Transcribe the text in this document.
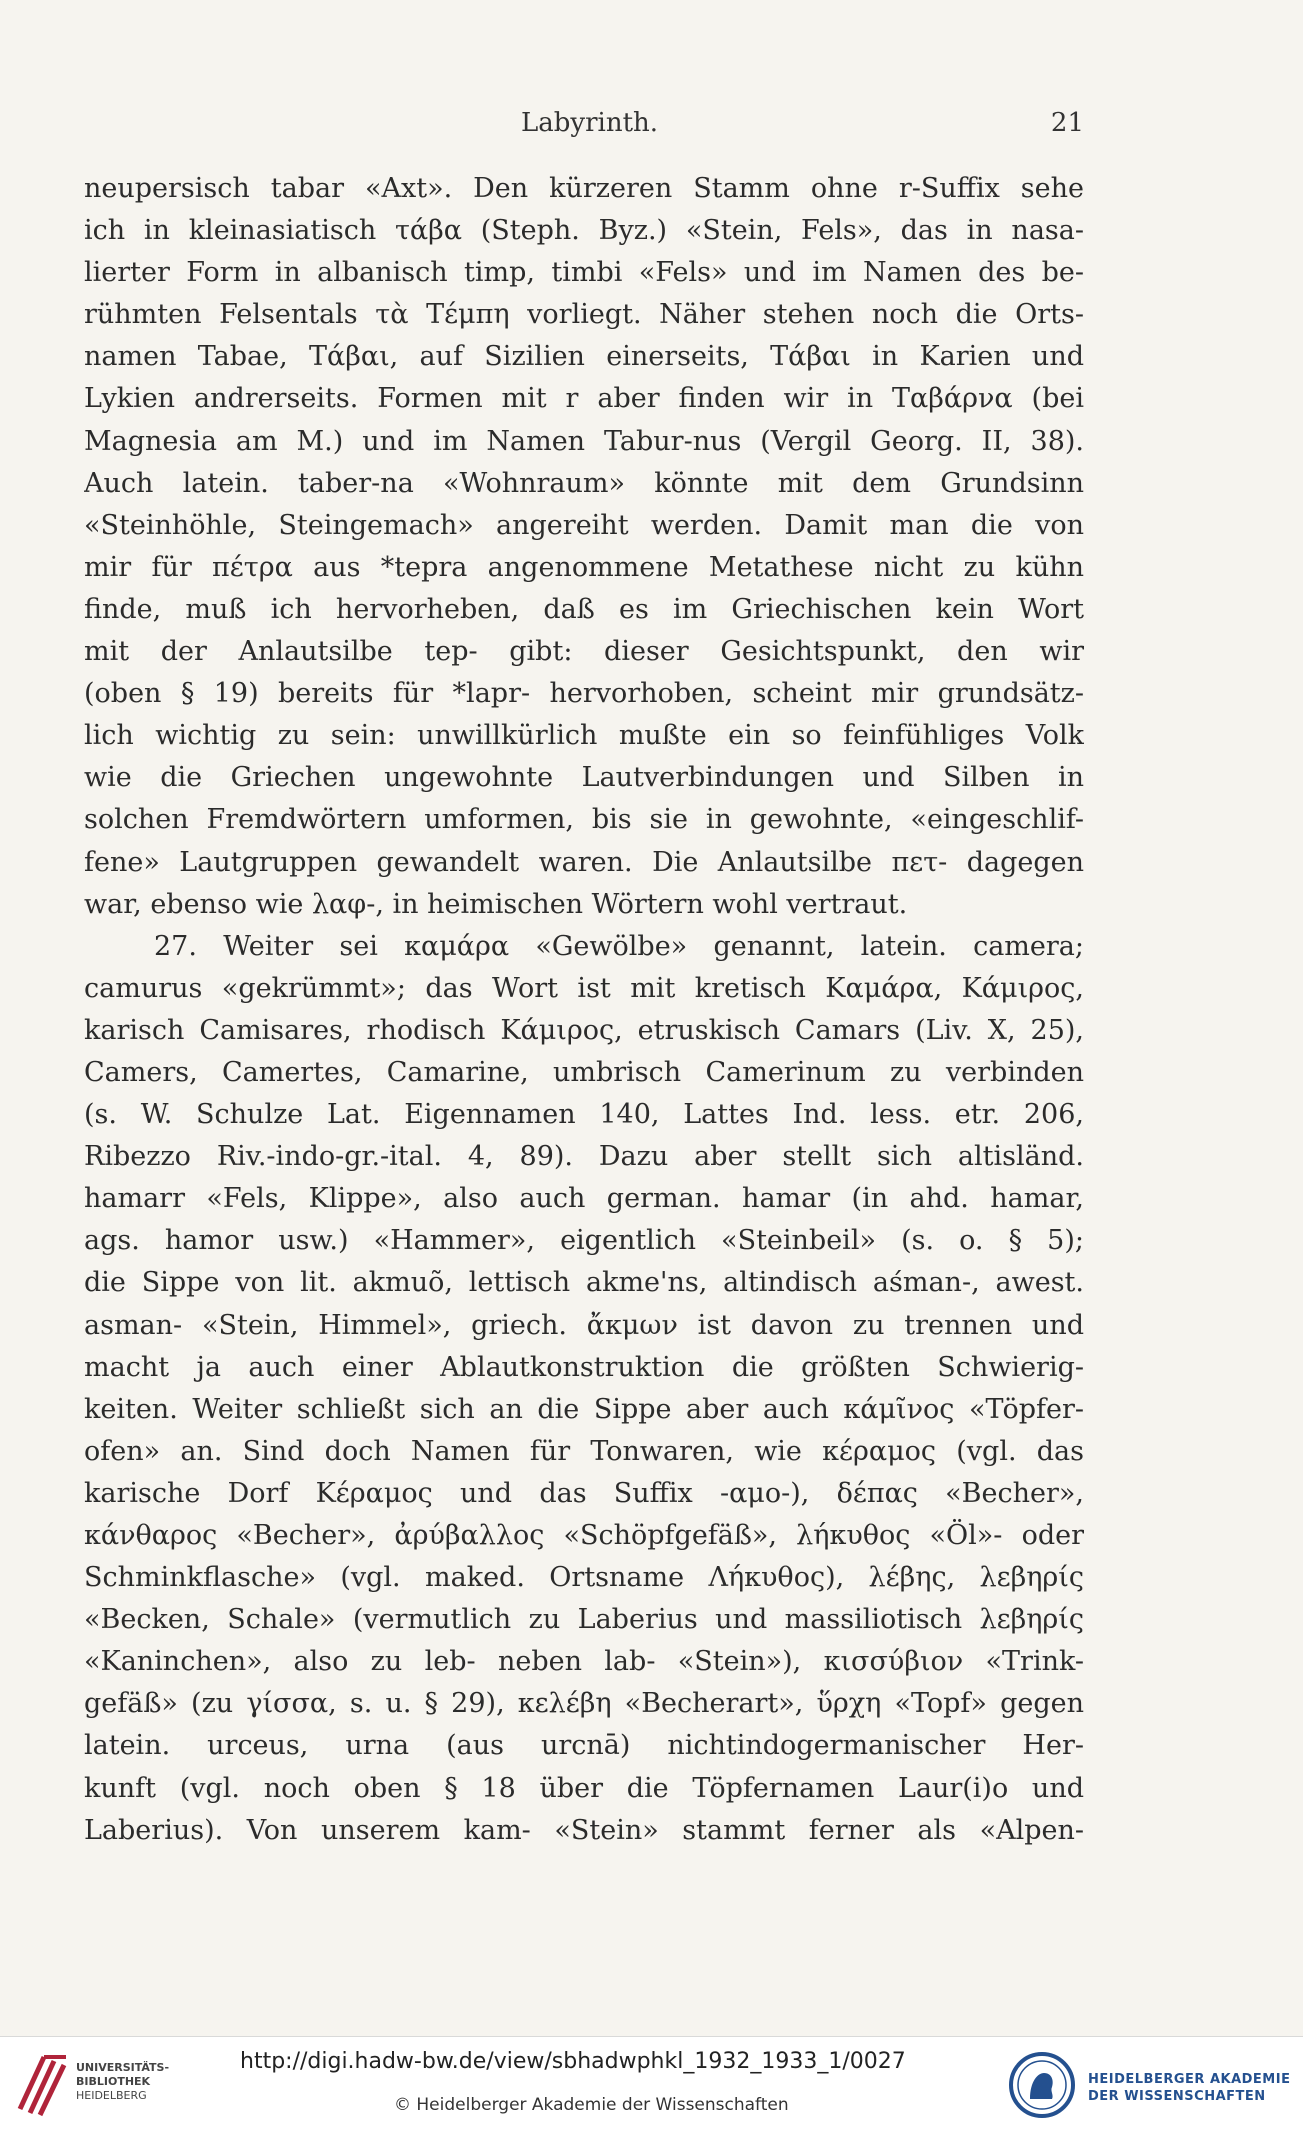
Labyrinth.	21
neupersisch tabar «Axt». Den kürzeren Stamm ohne r-Suffix sehe
ich in kleinasiatisch τάβα (Steph. Byz.) «Stein, Fels», das in nasa-
lierter Form in albanisch timp, timbi «Fels» und im Namen des be-
rühmten Felsentals τὰ Τέμπη vorliegt. Näher stehen noch die Orts-
namen Tabae, Τάβαι, auf Sizilien einerseits, Τάβαι in Karien und
Lykien andrerseits. Formen mit r aber finden wir in Ταβάρνα (bei
Magnesia am M.) und im Namen Tabur-nus (Vergil Georg. II, 38).
Auch latein. taber-na «Wohnraum» könnte mit dem Grundsinn
«Steinhöhle, Steingemach» angereiht werden. Damit man die von
mir für πέτρα aus *tepra angenommene Metathese nicht zu kühn
finde, muß ich hervorheben, daß es im Griechischen kein Wort
mit der Anlautsilbe tep- gibt: dieser Gesichtspunkt, den wir
(oben § 19) bereits für *lapr- hervorhoben, scheint mir grundsätz-
lich wichtig zu sein: unwillkürlich mußte ein so feinfühliges Volk
wie die Griechen ungewohnte Lautverbindungen und Silben in
solchen Fremdwörtern umformen, bis sie in gewohnte, «eingeschlif-
fene» Lautgruppen gewandelt waren. Die Anlautsilbe πετ- dagegen
war, ebenso wie λαφ-, in heimischen Wörtern wohl vertraut.
27. Weiter sei καμάρα «Gewölbe» genannt, latein. camera;
camurus «gekrümmt»; das Wort ist mit kretisch Καμάρα, Κάμιρος,
karisch Camisares, rhodisch Κάμιρος, etruskisch Camars (Liv. X, 25),
Camers, Camertes, Camarine, umbrisch Camerinum zu verbinden
(s. W. Schulze Lat. Eigennamen 140, Lattes Ind. less. etr. 206,
Ribezzo Riv.-indo-gr.-ital. 4, 89). Dazu aber stellt sich altisländ.
hamarr «Fels, Klippe», also auch german. hamar (in ahd. hamar,
ags. hamor usw.) «Hammer», eigentlich «Steinbeil» (s. o. § 5);
die Sippe von lit. akmuõ, lettisch akme'ns, altindisch aśman-, awest.
asman- «Stein, Himmel», griech. ἄκμων ist davon zu trennen und
macht ja auch einer Ablautkonstruktion die größten Schwierig-
keiten. Weiter schließt sich an die Sippe aber auch κάμῖνος «Töpfer-
ofen» an. Sind doch Namen für Tonwaren, wie κέραμος (vgl. das
karische Dorf Κέραμος und das Suffix -αμο-), δέπας «Becher»,
κάνθαρος «Becher», ἀρύβαλλος «Schöpfgefäß», λήκυθος «Öl»- oder
Schminkflasche» (vgl. maked. Ortsname Λήκυθος), λέβης, λεβηρίς
«Becken, Schale» (vermutlich zu Laberius und massiliotisch λεβηρίς
«Kaninchen», also zu leb- neben lab- «Stein»), κισσύβιον «Trink-
gefäß» (zu γίσσα, s. u. § 29), κελέβη «Becherart», ὕρχη «Topf» gegen
latein. urceus, urna (aus urcnā) nichtindogermanischer Her-
kunft (vgl. noch oben § 18 über die Töpfernamen Laur(i)o und
Laberius). Von unserem kam- «Stein» stammt ferner als «Alpen-
UNIVERSITÄTS-
BIBLIOTHEK
HEIDELBERG
http://digi.hadw-bw.de/view/sbhadwphkl_1932_1933_1/0027
© Heidelberger Akademie der Wissenschaften
HEIDELBERGER AKADEMIE
DER WISSENSCHAFTEN
